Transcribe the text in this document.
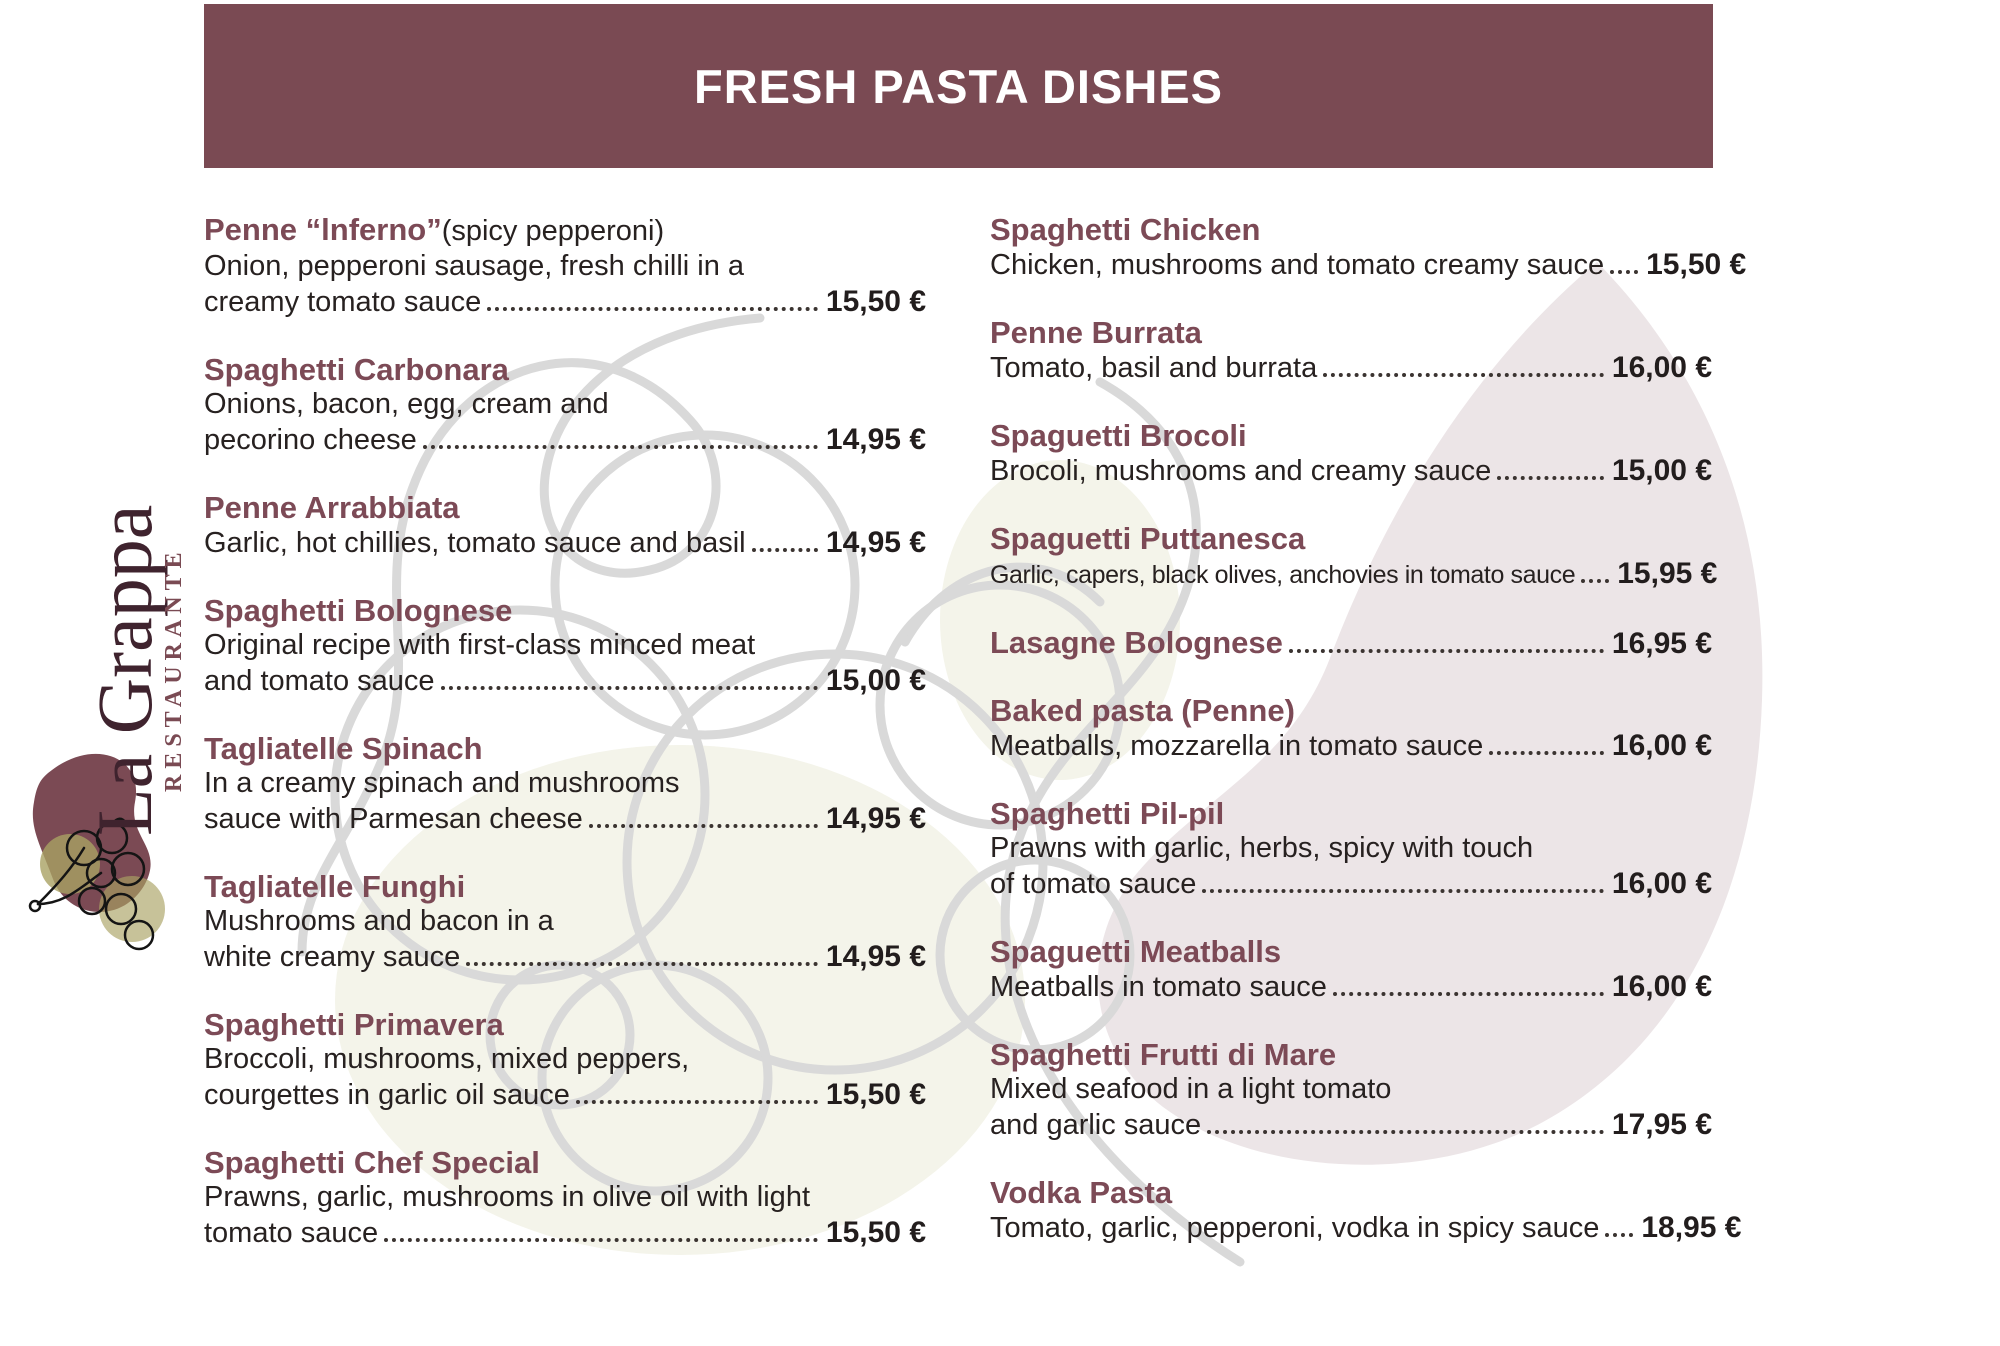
FRESH PASTA DISHES
La Grappa
RESTAURANTE
Penne “lnferno” (spicy pepperoni)
Onion, pepperoni sausage, fresh chilli in a
creamy tomato sauce	15,50 €
Spaghetti Carbonara
Onions, bacon, egg, cream and
pecorino cheese	14,95 €
Penne Arrabbiata
Garlic, hot chillies, tomato sauce and basil	14,95 €
Spaghetti Bolognese
Original recipe with first-class minced meat
and tomato sauce	15,00 €
Tagliatelle Spinach
In a creamy spinach and mushrooms
sauce with Parmesan cheese	14,95 €
Tagliatelle Funghi
Mushrooms and bacon in a
white creamy sauce	14,95 €
Spaghetti Primavera
Broccoli, mushrooms, mixed peppers,
courgettes in garlic oil sauce	15,50 €
Spaghetti Chef Special
Prawns, garlic, mushrooms in olive oil with light
tomato sauce	15,50 €
Spaghetti Chicken
Chicken, mushrooms and tomato creamy sauce 15,50 €
Penne Burrata
Tomato, basil and burrata	16,00 €
Spaguetti Brocoli
Brocoli, mushrooms and creamy sauce	15,00 €
Spaguetti Puttanesca
Garlic, capers, black olives, anchovies in tomato sauce 15,95 €
Lasagne Bolognese	16,95 €
Baked pasta (Penne)
Meatballs, mozzarella in tomato sauce	16,00 €
Spaghetti Pil-pil
Prawns with garlic, herbs, spicy with touch
of tomato sauce	16,00 €
Spaguetti Meatballs
Meatballs in tomato sauce	16,00 €
Spaghetti Frutti di Mare
Mixed seafood in a light tomato
and garlic sauce	17,95 €
Vodka Pasta
Tomato, garlic, pepperoni, vodka in spicy sauce 18,95 €
